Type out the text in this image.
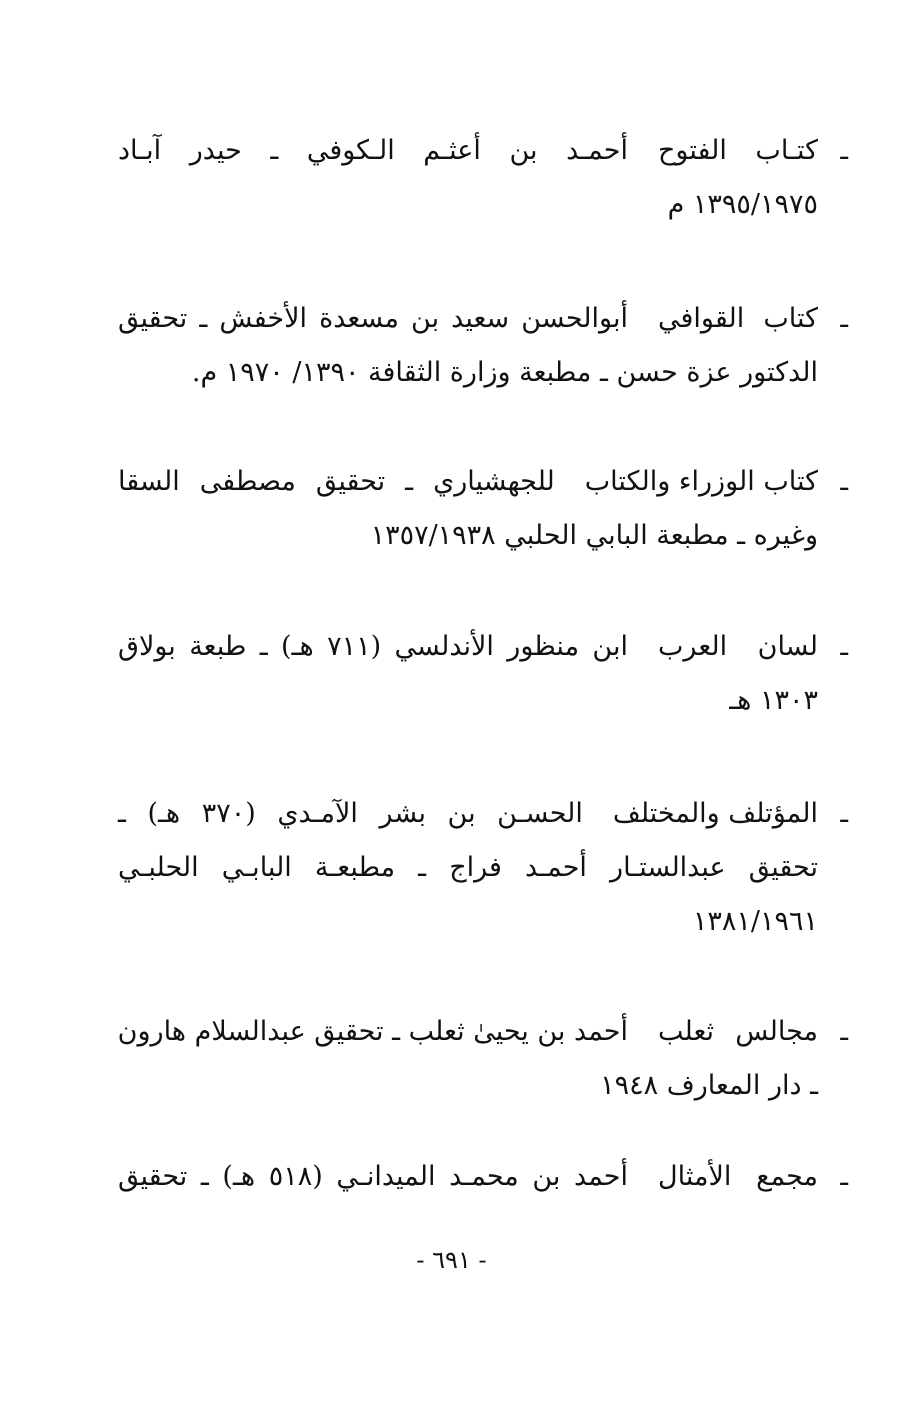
ـ
كتـاب الفتوحأحمـد بن أعثـم الـكوفي ـ حيدر آبـاد
١٣٩٥/١٩٧٥ م
ـ
كتاب القوافيأبوالحسن سعيد بن مسعدة الأخفش ـ تحقيق
الدكتور عزة حسن ـ مطبعة وزارة الثقافة ١٣٩٠/ ١٩٧٠ م.
ـ
كتاب الوزراء والكتابللجهشياري ـ تحقيق مصطفى السقا
وغيره ـ مطبعة البابي الحلبي ١٣٥٧/١٩٣٨
ـ
لسان العربابن منظور الأندلسي (٧١١ هـ) ـ طبعة بولاق
١٣٠٣ هـ
ـ
المؤتلف والمختلفالحسـن بن بشر الآمـدي (٣٧٠ هـ) ـ
تحقيق عبدالستـار أحمـد فراج ـ مطبعـة البابـي الحلبـي
١٣٨١/١٩٦١
ـ
مجالس ثعلبأحمد بن يحيىٰ ثعلب ـ تحقيق عبدالسلام هارون
ـ دار المعارف ١٩٤٨
ـ
مجمع الأمثالأحمد بن محمـد الميدانـي (٥١٨ هـ) ـ تحقيق
- ٦٩١ -
